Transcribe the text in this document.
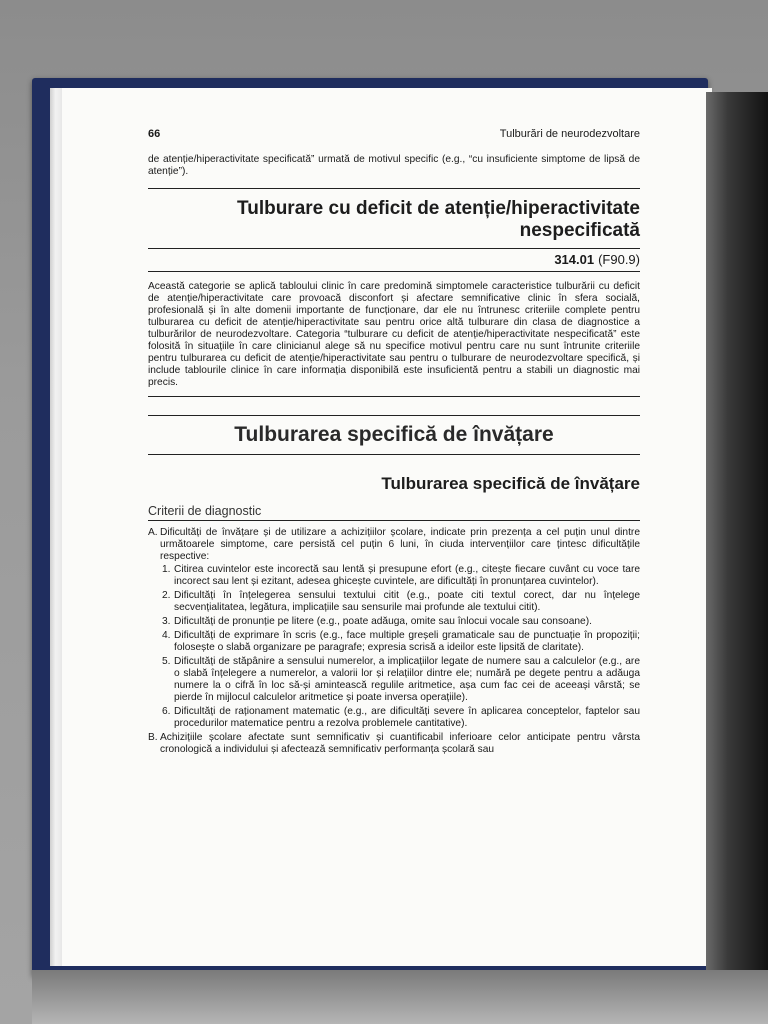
66	Tulburări de neurodezvoltare

de atenție/hiperactivitate specificată” urmată de motivul specific (e.g., “cu insuficiente simptome de lipsă de atenție”).

Tulburare cu deficit de atenție/hiperactivitate
nespecificată
314.01 (F90.9)

Această categorie se aplică tabloului clinic în care predomină simptomele caracteristice tulburării cu deficit de atenție/hiperactivitate care provoacă disconfort și afectare semnificative clinic în sfera socială, profesională și în alte domenii importante de funcționare, dar ele nu întrunesc criteriile complete pentru tulburarea cu deficit de atenție/hiperactivitate sau pentru orice altă tulburare din clasa de diagnostice a tulburărilor de neurodezvoltare. Categoria “tulburare cu deficit de atenție/hiperactivitate nespecificată” este folosită în situațiile în care clinicianul alege să nu specifice motivul pentru care nu sunt întrunite criteriile pentru tulburarea cu deficit de atenție/hiperactivitate sau pentru o tulburare de neurodezvoltare specifică, și include tablourile clinice în care informația disponibilă este insuficientă pentru a stabili un diagnostic mai precis.

Tulburarea specifică de învățare
Tulburarea specifică de învățare
Criterii de diagnostic
A. Dificultăți de învățare și de utilizare a achizițiilor școlare, indicate prin prezența a cel puțin unul dintre următoarele simptome, care persistă cel puțin 6 luni, în ciuda intervențiilor care țintesc dificultățile respective:
1. Citirea cuvintelor este incorectă sau lentă și presupune efort (e.g., citește fiecare cuvânt cu voce tare incorect sau lent și ezitant, adesea ghicește cuvintele, are dificultăți în pronunțarea cuvintelor).
2. Dificultăți în înțelegerea sensului textului citit (e.g., poate citi textul corect, dar nu înțelege secvențialitatea, legătura, implicațiile sau sensurile mai profunde ale textului citit).
3. Dificultăți de pronunție pe litere (e.g., poate adăuga, omite sau înlocui vocale sau consoane).
4. Dificultăți de exprimare în scris (e.g., face multiple greșeli gramaticale sau de punctuație în propoziții; folosește o slabă organizare pe paragrafe; expresia scrisă a ideilor este lipsită de claritate).
5. Dificultăți de stăpânire a sensului numerelor, a implicațiilor legate de numere sau a calculelor (e.g., are o slabă înțelegere a numerelor, a valorii lor și relațiilor dintre ele; numără pe degete pentru a adăuga numere la o cifră în loc să-și amintească regulile aritmetice, așa cum fac cei de aceeași vârstă; se pierde în mijlocul calculelor aritmetice și poate inversa operațiile).
6. Dificultăți de raționament matematic (e.g., are dificultăți severe în aplicarea conceptelor, faptelor sau procedurilor matematice pentru a rezolva problemele cantitative).
B. Achizițiile școlare afectate sunt semnificativ și cuantificabil inferioare celor anticipate pentru vârsta cronologică a individului și afectează semnificativ performanța școlară sau
